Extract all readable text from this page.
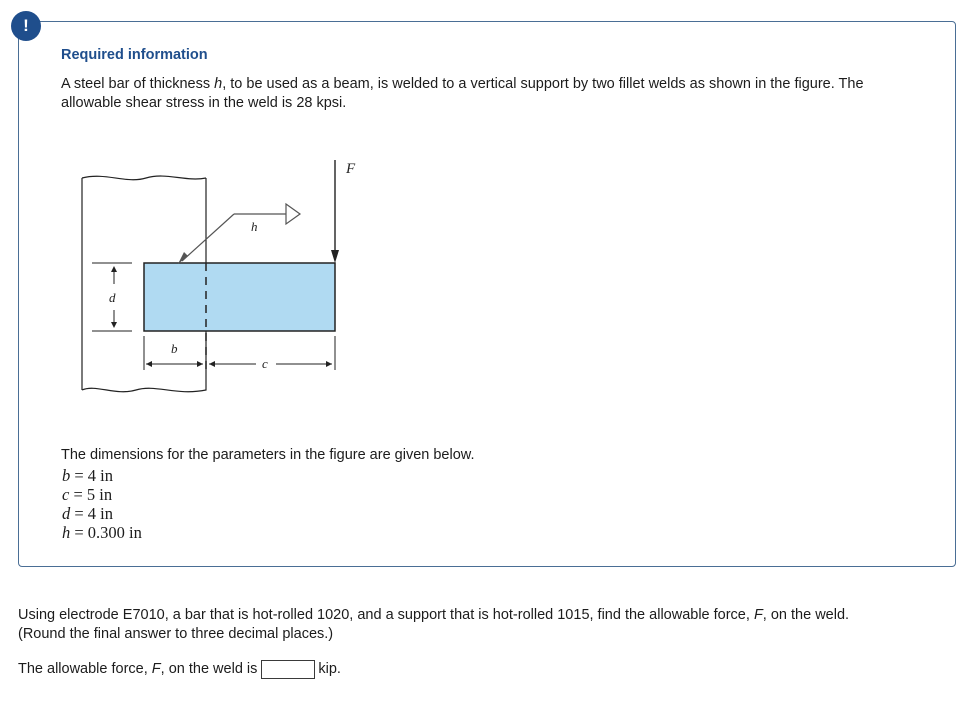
!
Required information
A steel bar of thickness h, to be used as a beam, is welded to a vertical support by two fillet welds as shown in the figure. The allowable shear stress in the weld is 28 kpsi.
F
h
d
b
c
The dimensions for the parameters in the figure are given below.
b = 4 in
c = 5 in
d = 4 in
h = 0.300 in
Using electrode E7010, a bar that is hot-rolled 1020, and a support that is hot-rolled 1015, find the allowable force, F, on the weld. (Round the final answer to three decimal places.)
The allowable force, F, on the weld is	kip.
